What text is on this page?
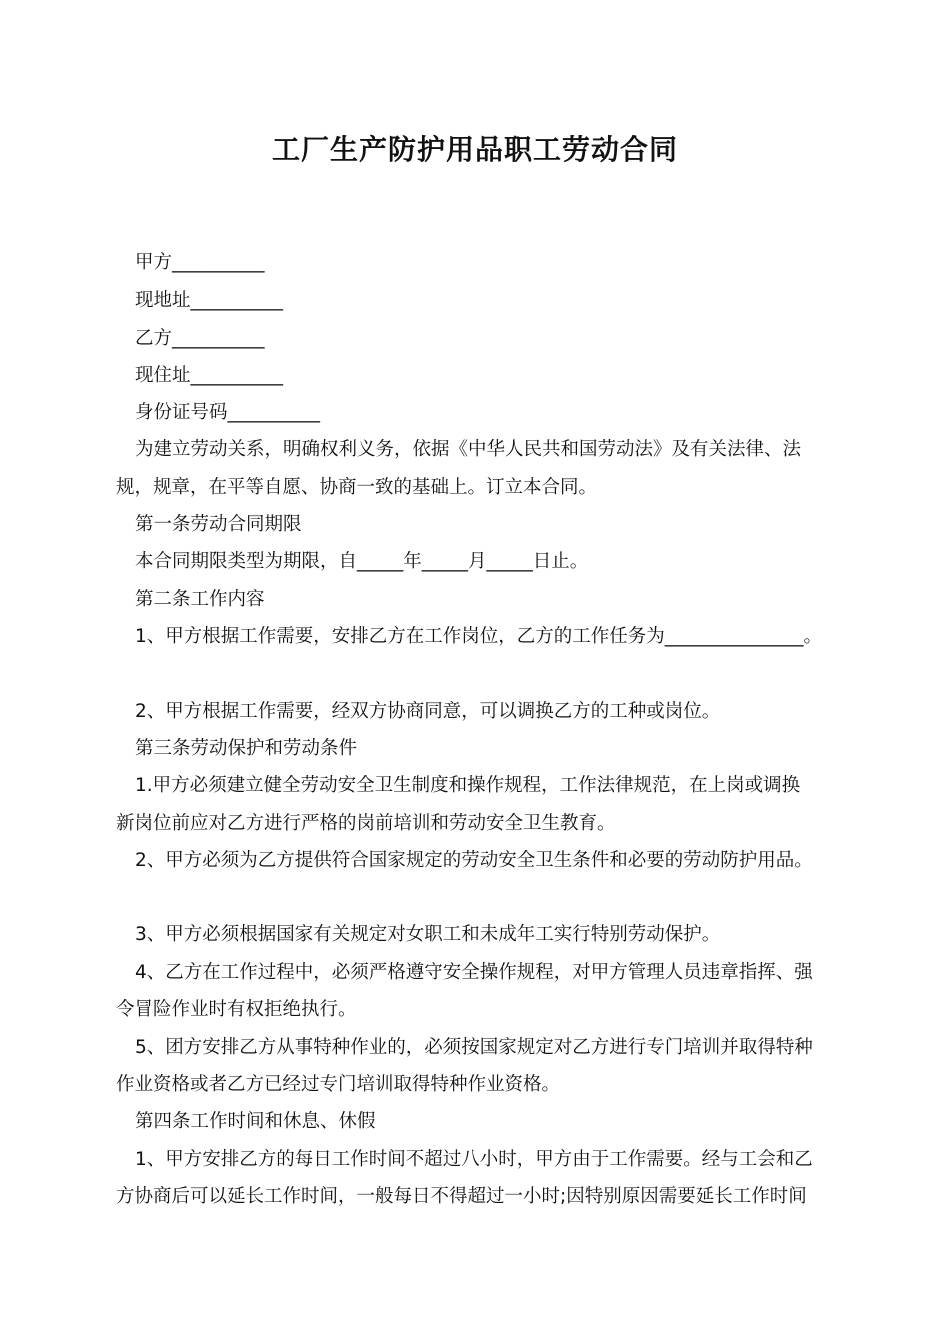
工厂生产防护用品职工劳动合同
甲方__________
现地址__________
乙方__________
现住址__________
身份证号码__________
为建立劳动关系，明确权利义务，依据《中华人民共和国劳动法》及有关法律、法
规，规章，在平等自愿、协商一致的基础上。订立本合同。
第一条劳动合同期限
本合同期限类型为期限，自_____年_____月_____日止。
第二条工作内容
1、甲方根据工作需要，安排乙方在工作岗位，乙方的工作任务为_______________。
2、甲方根据工作需要，经双方协商同意，可以调换乙方的工种或岗位。
第三条劳动保护和劳动条件
1.甲方必须建立健全劳动安全卫生制度和操作规程，工作法律规范，在上岗或调换
新岗位前应对乙方进行严格的岗前培训和劳动安全卫生教育。
2、甲方必须为乙方提供符合国家规定的劳动安全卫生条件和必要的劳动防护用品。
3、甲方必须根据国家有关规定对女职工和未成年工实行特别劳动保护。
4、乙方在工作过程中，必须严格遵守安全操作规程，对甲方管理人员违章指挥、强
令冒险作业时有权拒绝执行。
5、团方安排乙方从事特种作业的，必须按国家规定对乙方进行专门培训并取得特种
作业资格或者乙方已经过专门培训取得特种作业资格。
第四条工作时间和休息、休假
1、甲方安排乙方的每日工作时间不超过八小时，甲方由于工作需要。经与工会和乙
方协商后可以延长工作时间，一般每日不得超过一小时;因特别原因需要延长工作时间
